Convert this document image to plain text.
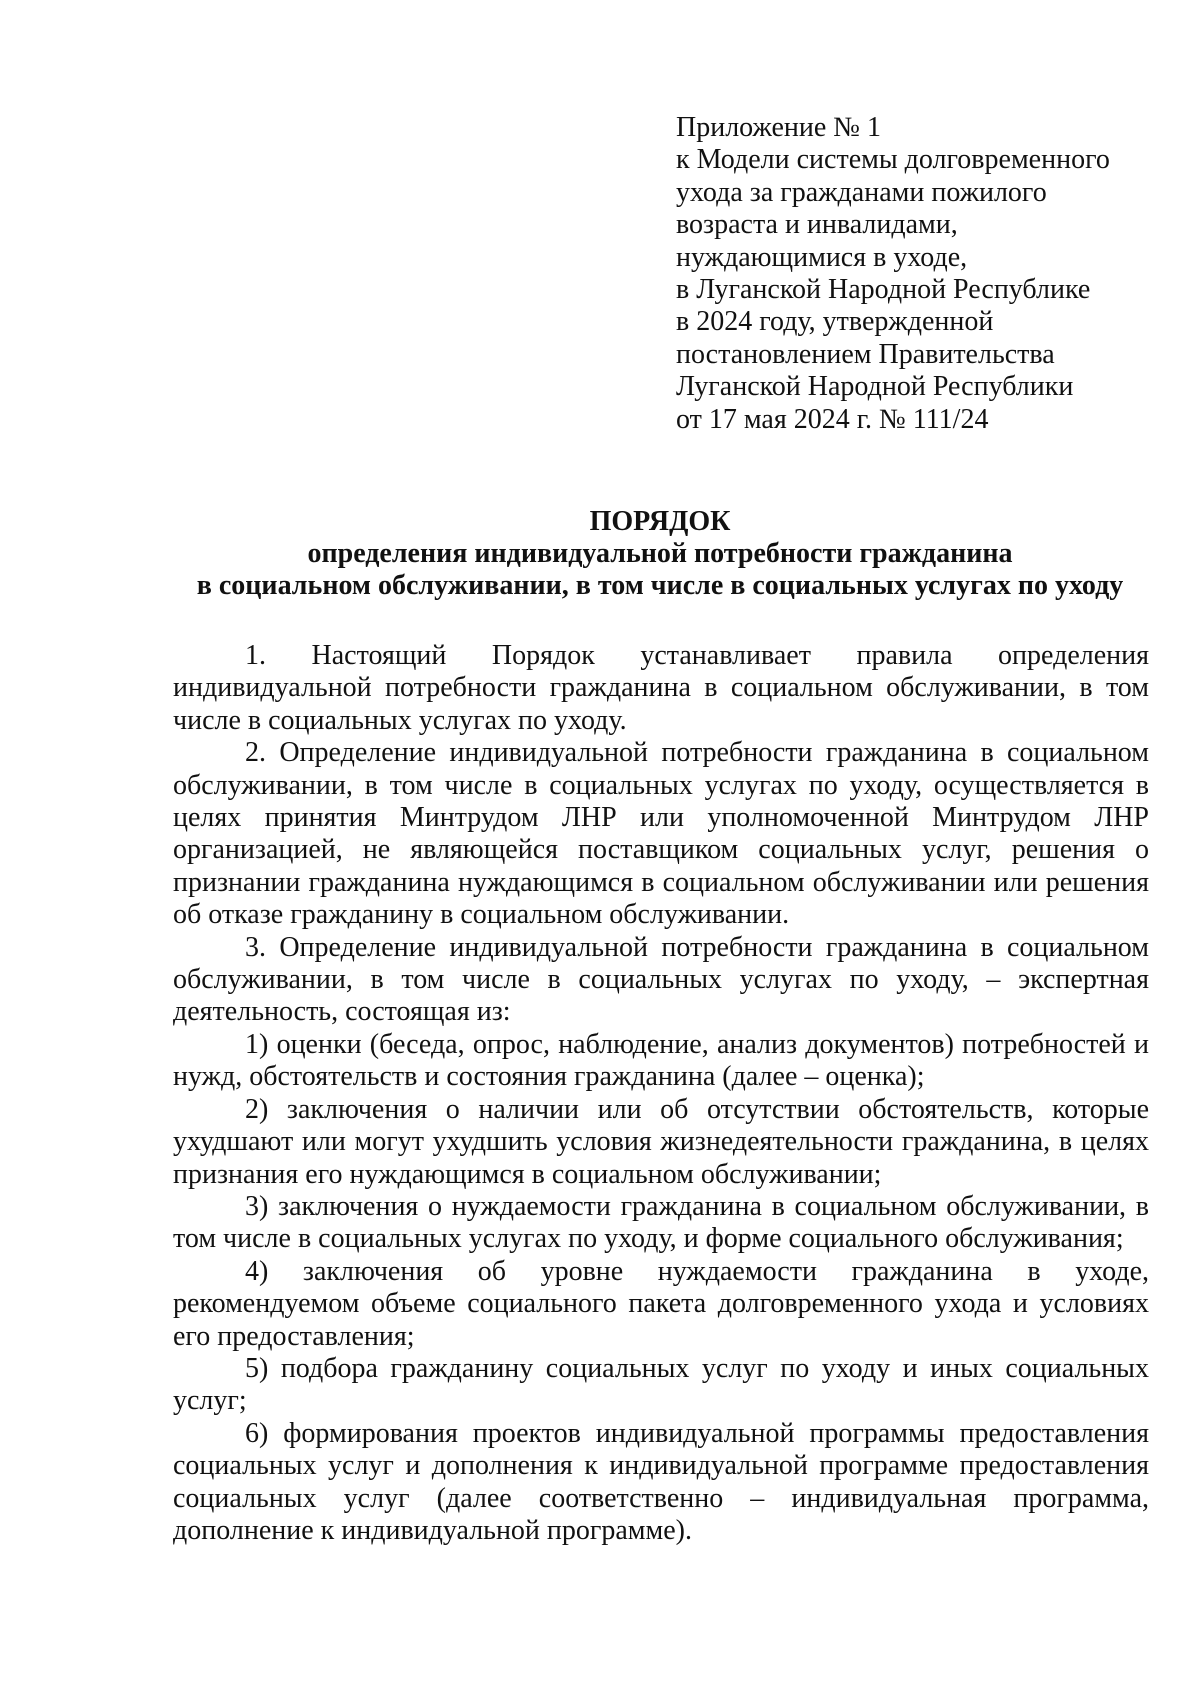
Приложение № 1
к Модели системы долговременного
ухода за гражданами пожилого
возраста и инвалидами,
нуждающимися в уходе,
в Луганской Народной Республике
в 2024 году, утвержденной
постановлением Правительства
Луганской Народной Республики
от 17 мая 2024 г. № 111/24
ПОРЯДОК
определения индивидуальной потребности гражданина
в социальном обслуживании, в том числе в социальных услугах по уходу

1. Настоящий Порядок устанавливает правила определения индивидуальной потребности гражданина в социальном обслуживании, в том числе в социальных услугах по уходу.

2. Определение индивидуальной потребности гражданина в социальном обслуживании, в том числе в социальных услугах по уходу, осуществляется в целях принятия Минтрудом ЛНР или уполномоченной Минтрудом ЛНР организацией, не являющейся поставщиком социальных услуг, решения о признании гражданина нуждающимся в социальном обслуживании или решения об отказе гражданину в социальном обслуживании.

3. Определение индивидуальной потребности гражданина в социальном обслуживании, в том числе в социальных услугах по уходу, – экспертная деятельность, состоящая из:

1) оценки (беседа, опрос, наблюдение, анализ документов) потребностей и нужд, обстоятельств и состояния гражданина (далее – оценка);

2) заключения о наличии или об отсутствии обстоятельств, которые ухудшают или могут ухудшить условия жизнедеятельности гражданина, в целях признания его нуждающимся в социальном обслуживании;

3) заключения о нуждаемости гражданина в социальном обслуживании, в том числе в социальных услугах по уходу, и форме социального обслуживания;

4) заключения об уровне нуждаемости гражданина в уходе, рекомендуемом объеме социального пакета долговременного ухода и условиях его предоставления;

5) подбора гражданину социальных услуг по уходу и иных социальных услуг;

6) формирования проектов индивидуальной программы предоставления социальных услуг и дополнения к индивидуальной программе предоставления социальных услуг (далее соответственно – индивидуальная программа, дополнение к индивидуальной программе).
